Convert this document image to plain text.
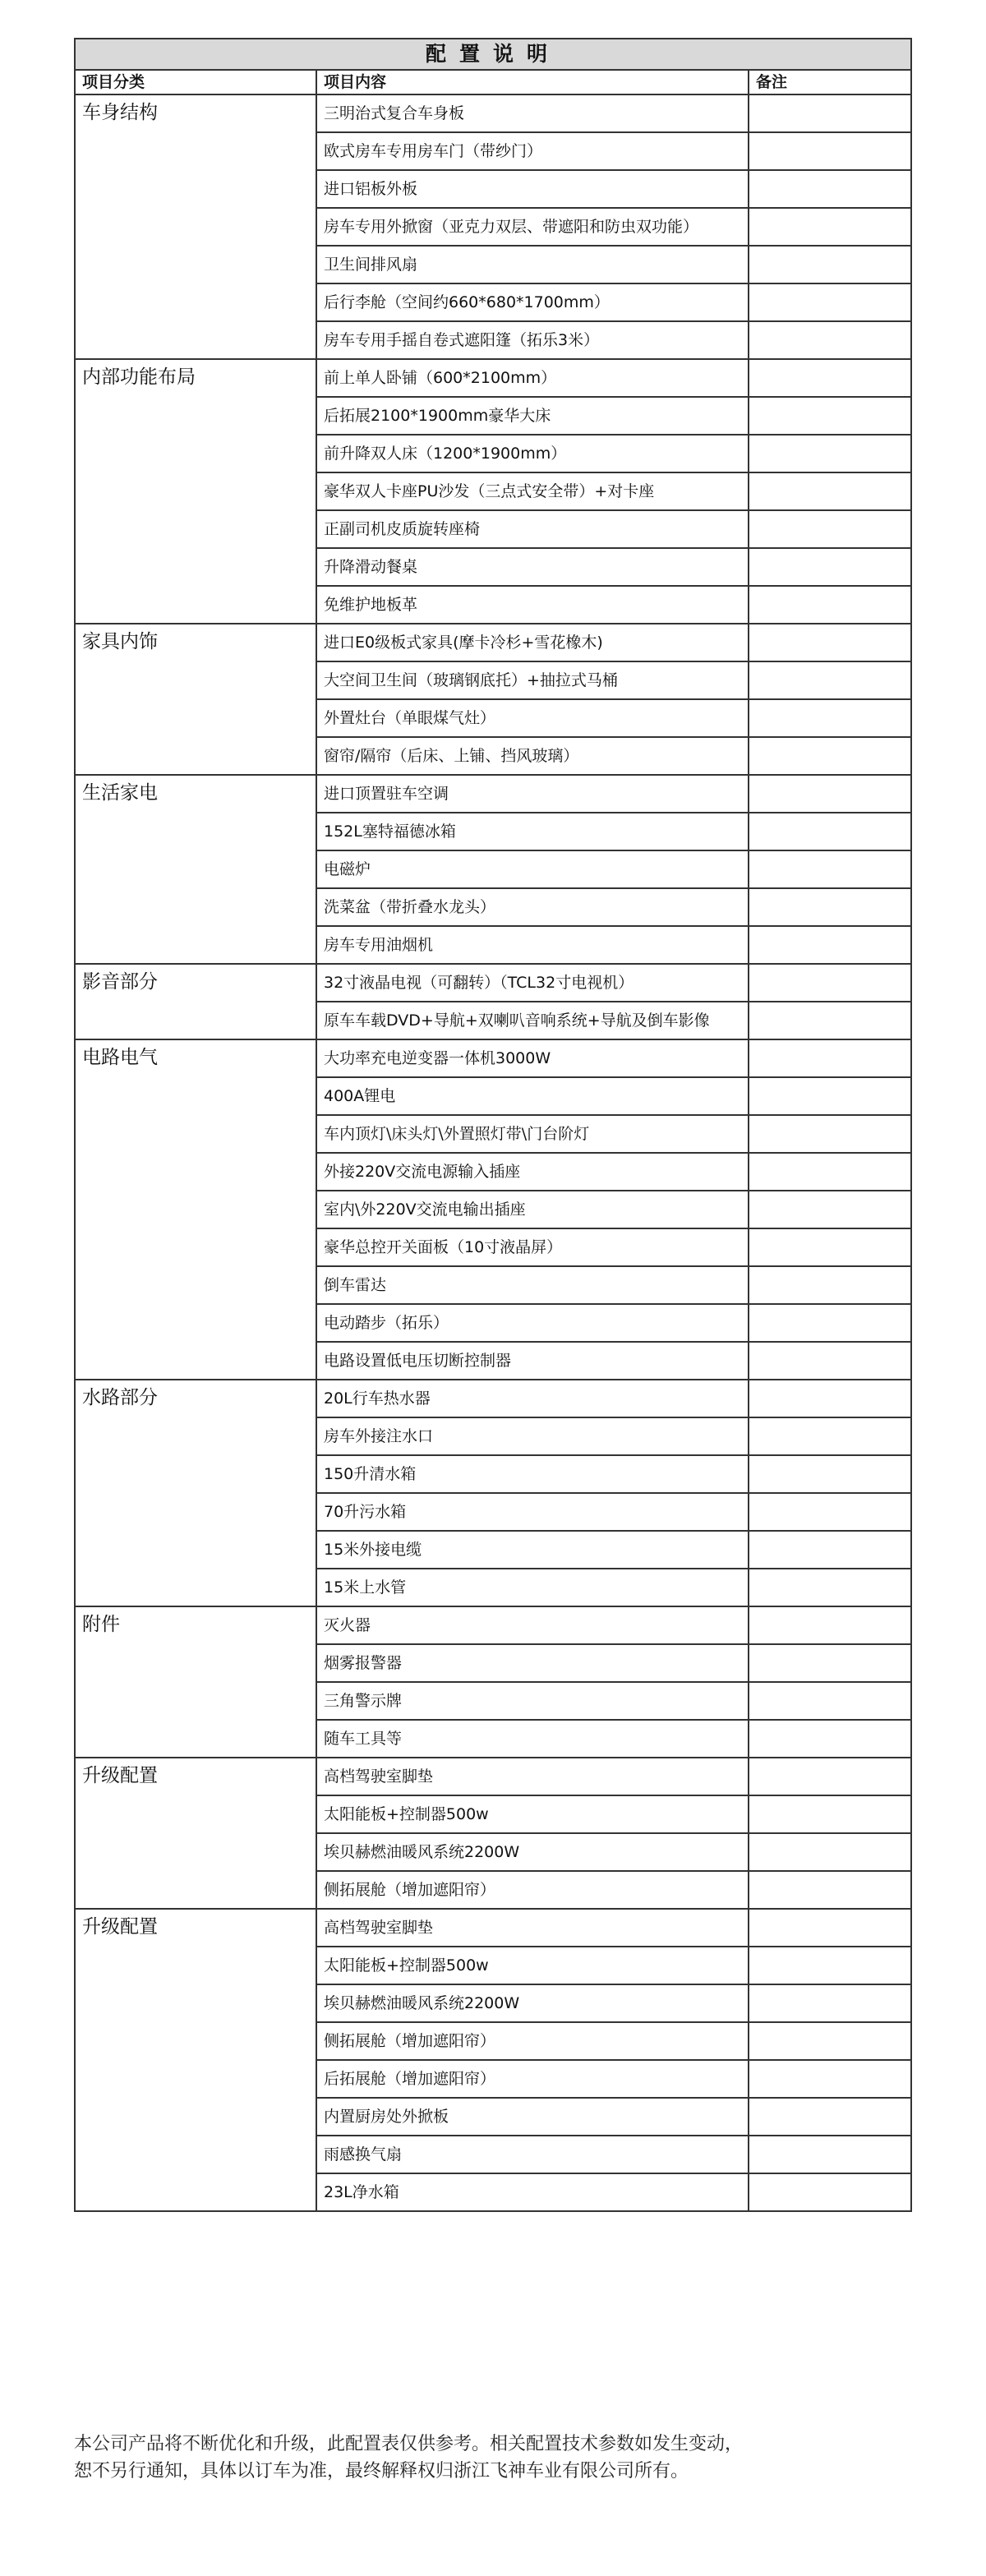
配置说明		
项目分类	项目内容	备注
车身结构	三明治式复合车身板	
	欧式房车专用房车门（带纱门）	
	进口铝板外板	
	房车专用外掀窗（亚克力双层、带遮阳和防虫双功能）	
	卫生间排风扇	
	后行李舱（空间约660*680*1700mm）	
	房车专用手摇自卷式遮阳篷（拓乐3米）	
内部功能布局	前上单人卧铺（600*2100mm）	
	后拓展2100*1900mm豪华大床	
	前升降双人床（1200*1900mm）	
	豪华双人卡座PU沙发（三点式安全带）+对卡座	
	正副司机皮质旋转座椅	
	升降滑动餐桌	
	免维护地板革	
家具内饰	进口E0级板式家具(摩卡冷杉+雪花橡木)	
	大空间卫生间（玻璃钢底托）+抽拉式马桶	
	外置灶台（单眼煤气灶）	
	窗帘/隔帘（后床、上铺、挡风玻璃）	
生活家电	进口顶置驻车空调	
	152L塞特福德冰箱	
	电磁炉	
	洗菜盆（带折叠水龙头）	
	房车专用油烟机	
影音部分	32寸液晶电视（可翻转）（TCL32寸电视机）	
	原车车载DVD+导航+双喇叭音响系统+导航及倒车影像	
电路电气	大功率充电逆变器一体机3000W	
	400A锂电	
	车内顶灯\床头灯\外置照灯带\门台阶灯	
	外接220V交流电源输入插座	
	室内\外220V交流电输出插座	
	豪华总控开关面板（10寸液晶屏）	
	倒车雷达	
	电动踏步（拓乐）	
	电路设置低电压切断控制器	
水路部分	20L行车热水器	
	房车外接注水口	
	150升清水箱	
	70升污水箱	
	15米外接电缆	
	15米上水管	
附件	灭火器	
	烟雾报警器	
	三角警示牌	
	随车工具等	
升级配置	高档驾驶室脚垫	
	太阳能板+控制器500w	
	埃贝赫燃油暖风系统2200W	
	侧拓展舱（增加遮阳帘）	
升级配置	高档驾驶室脚垫	
	太阳能板+控制器500w	
	埃贝赫燃油暖风系统2200W	
	侧拓展舱（增加遮阳帘）	
	后拓展舱（增加遮阳帘）	
	内置厨房处外掀板	
	雨感换气扇	
	23L净水箱	
本公司产品将不断优化和升级，此配置表仅供参考。相关配置技术参数如发生变动，
恕不另行通知，具体以订车为准，最终解释权归浙江飞神车业有限公司所有。
